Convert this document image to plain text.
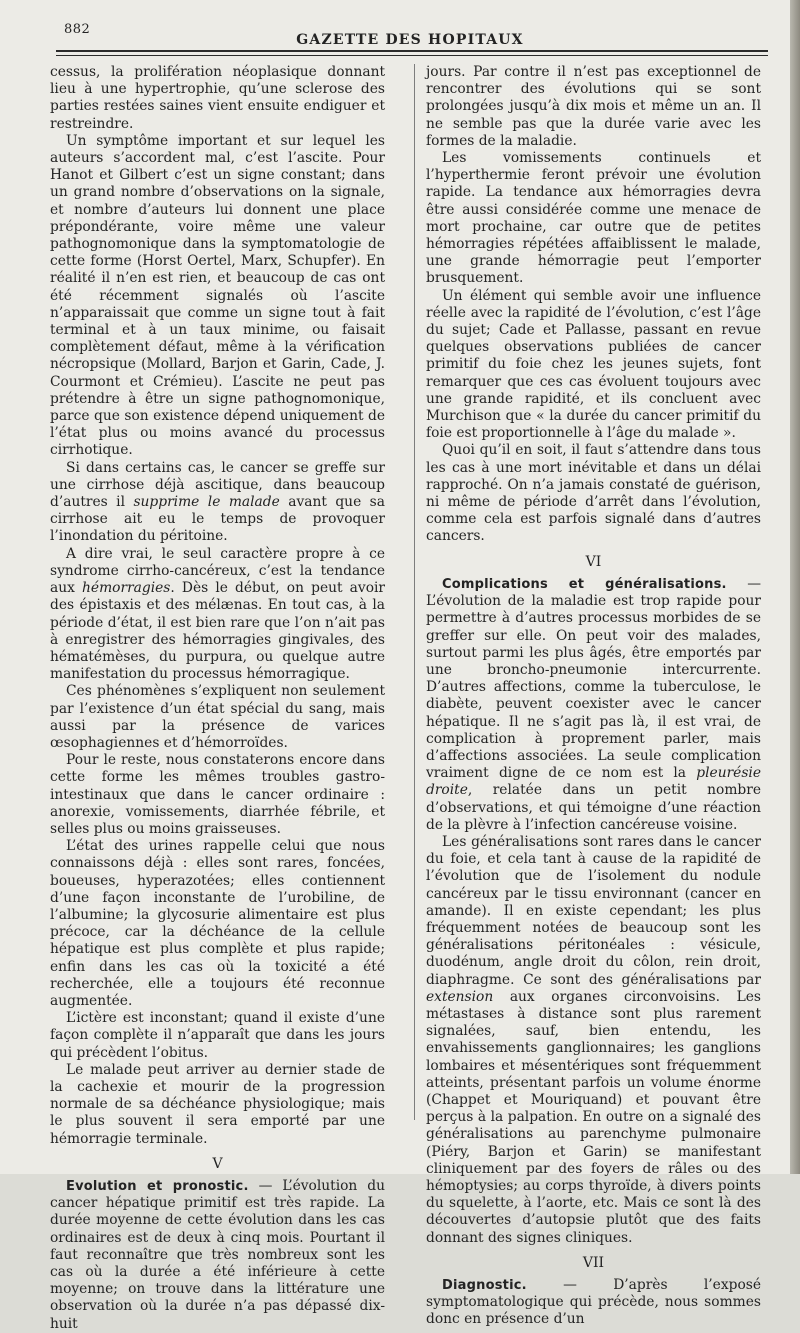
882
GAZETTE DES HOPITAUX

cessus, la prolifération néoplasique donnant lieu à une hypertrophie, qu’une sclerose des parties restées saines vient ensuite endiguer et restreindre.

Un symptôme important et sur lequel les auteurs s’accordent mal, c’est l’ascite. Pour Hanot et Gilbert c’est un signe constant; dans un grand nombre d’observations on la signale, et nombre d’auteurs lui donnent une place prépondérante, voire même une valeur pathognomonique dans la symptomatologie de cette forme (Horst Oertel, Marx, Schupfer). En réalité il n’en est rien, et beaucoup de cas ont été récemment signalés où l’ascite n’apparaissait que comme un signe tout à fait terminal et à un taux minime, ou faisait complètement défaut, même à la vérification nécropsique (Mollard, Barjon et Garin, Cade, J. Courmont et Crémieu). L’ascite ne peut pas prétendre à être un signe pathognomonique, parce que son existence dépend uniquement de l’état plus ou moins avancé du processus cirrhotique.

Si dans certains cas, le cancer se greffe sur une cirrhose déjà ascitique, dans beaucoup d’autres il supprime le malade avant que sa cirrhose ait eu le temps de provoquer l’inondation du péritoine.

A dire vrai, le seul caractère propre à ce syndrome cirrho-cancéreux, c’est la tendance aux hémorragies. Dès le début, on peut avoir des épistaxis et des mélænas. En tout cas, à la période d’état, il est bien rare que l’on n’ait pas à enregistrer des hémorragies gingivales, des hématémèses, du purpura, ou quelque autre manifestation du processus hémorragique.

Ces phénomènes s’expliquent non seulement par l’existence d’un état spécial du sang, mais aussi par la présence de varices œsophagiennes et d’hémorroïdes.

Pour le reste, nous constaterons encore dans cette forme les mêmes troubles gastro-intestinaux que dans le cancer ordinaire : anorexie, vomissements, diarrhée fébrile, et selles plus ou moins graisseuses.

L’état des urines rappelle celui que nous connaissons déjà : elles sont rares, foncées, boueuses, hyperazotées; elles contiennent d’une façon inconstante de l’urobiline, de l’albumine; la glycosurie alimentaire est plus précoce, car la déchéance de la cellule hépatique est plus complète et plus rapide; enfin dans les cas où la toxicité a été recherchée, elle a toujours été reconnue augmentée.

L’ictère est inconstant; quand il existe d’une façon complète il n’apparaît que dans les jours qui précèdent l’obitus.

Le malade peut arriver au dernier stade de la cachexie et mourir de la progression normale de sa déchéance physiologique; mais le plus souvent il sera emporté par une hémorragie terminale.

V

Evolution et pronostic. — L’évolution du cancer hépatique primitif est très rapide. La durée moyenne de cette évolution dans les cas ordinaires est de deux à cinq mois. Pourtant il faut reconnaître que très nombreux sont les cas où la durée a été inférieure à cette moyenne; on trouve dans la littérature une observation où la durée n’a pas dépassé dix-huit

jours. Par contre il n’est pas exceptionnel de rencontrer des évolutions qui se sont prolongées jusqu’à dix mois et même un an. Il ne semble pas que la durée varie avec les formes de la maladie.

Les vomissements continuels et l’hyperthermie feront prévoir une évolution rapide. La tendance aux hémorragies devra être aussi considérée comme une menace de mort prochaine, car outre que de petites hémorragies répétées affaiblissent le malade, une grande hémorragie peut l’emporter brusquement.

Un élément qui semble avoir une influence réelle avec la rapidité de l’évolution, c’est l’âge du sujet; Cade et Pallasse, passant en revue quelques observations publiées de cancer primitif du foie chez les jeunes sujets, font remarquer que ces cas évoluent toujours avec une grande rapidité, et ils concluent avec Murchison que « la durée du cancer primitif du foie est proportionnelle à l’âge du malade ».

Quoi qu’il en soit, il faut s’attendre dans tous les cas à une mort inévitable et dans un délai rapproché. On n’a jamais constaté de guérison, ni même de période d’arrêt dans l’évolution, comme cela est parfois signalé dans d’autres cancers.

VI

Complications et généralisations. — L’évolution de la maladie est trop rapide pour permettre à d’autres processus morbides de se greffer sur elle. On peut voir des malades, surtout parmi les plus âgés, être emportés par une broncho-pneumonie intercurrente. D’autres affections, comme la tuberculose, le diabète, peuvent coexister avec le cancer hépatique. Il ne s’agit pas là, il est vrai, de complication à proprement parler, mais d’affections associées. La seule complication vraiment digne de ce nom est la pleurésie droite, relatée dans un petit nombre d’observations, et qui témoigne d’une réaction de la plèvre à l’infection cancéreuse voisine.

Les généralisations sont rares dans le cancer du foie, et cela tant à cause de la rapidité de l’évolution que de l’isolement du nodule cancéreux par le tissu environnant (cancer en amande). Il en existe cependant; les plus fréquemment notées de beaucoup sont les généralisations péritonéales : vésicule, duodénum, angle droit du côlon, rein droit, diaphragme. Ce sont des généralisations par extension aux organes circonvoisins. Les métastases à distance sont plus rarement signalées, sauf, bien entendu, les envahissements ganglionnaires; les ganglions lombaires et mésentériques sont fréquemment atteints, présentant parfois un volume énorme (Chappet et Mouriquand) et pouvant être perçus à la palpation. En outre on a signalé des généralisations au parenchyme pulmonaire (Piéry, Barjon et Garin) se manifestant cliniquement par des foyers de râles ou des hémoptysies; au corps thyroïde, à divers points du squelette, à l’aorte, etc. Mais ce sont là des découvertes d’autopsie plutôt que des faits donnant des signes cliniques.

VII

Diagnostic. — D’après l’exposé symptomatologique qui précède, nous sommes donc en présence d’un
